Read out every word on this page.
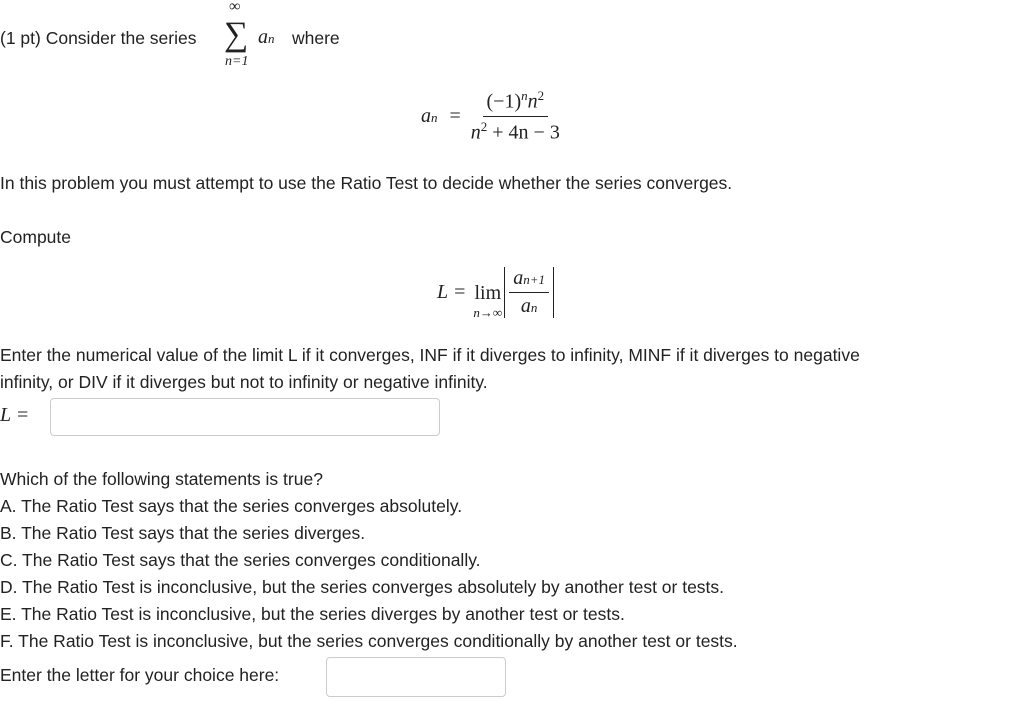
(1 pt) Consider the series
∞
∑
n=1
an where
an = $\frac{(-1)^nn^2}{n^2 + 4n - 3}$
In this problem you must attempt to use the Ratio Test to decide whether the series converges.
Compute
L = lim
$n\to\infty \frac{an+1}{an}$
Enter the numerical value of the limit L if it converges, INF if it diverges to infinity, MINF if it diverges to negative
infinity, or DIV if it diverges but not to infinity or negative infinity.
L =
Which of the following statements is true?
A. The Ratio Test says that the series converges absolutely.
B. The Ratio Test says that the series diverges.
C. The Ratio Test says that the series converges conditionally.
D. The Ratio Test is inconclusive, but the series converges absolutely by another test or tests.
E. The Ratio Test is inconclusive, but the series diverges by another test or tests.
F. The Ratio Test is inconclusive, but the series converges conditionally by another test or tests.
Enter the letter for your choice here:
